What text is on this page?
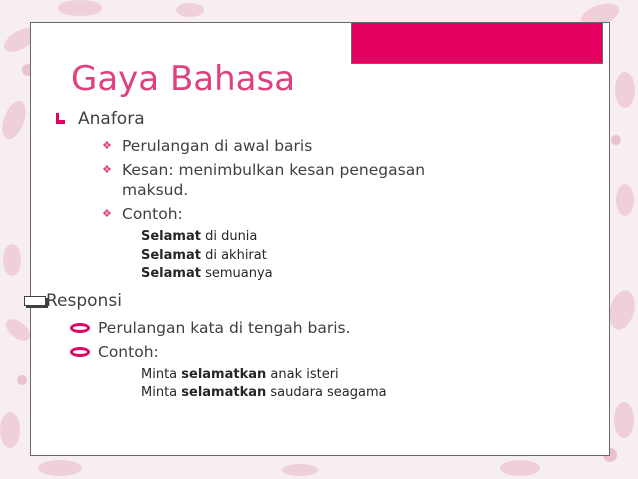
Gaya Bahasa
Anafora
❖ Perulangan di awal baris
❖ Kesan: menimbulkan kesan penegasan maksud.
❖ Contoh:
Selamat di dunia
Selamat di akhirat
Selamat semuanya
Responsi
Perulangan kata di tengah baris.
Contoh:
Minta selamatkan anak isteri
Minta selamatkan saudara seagama
